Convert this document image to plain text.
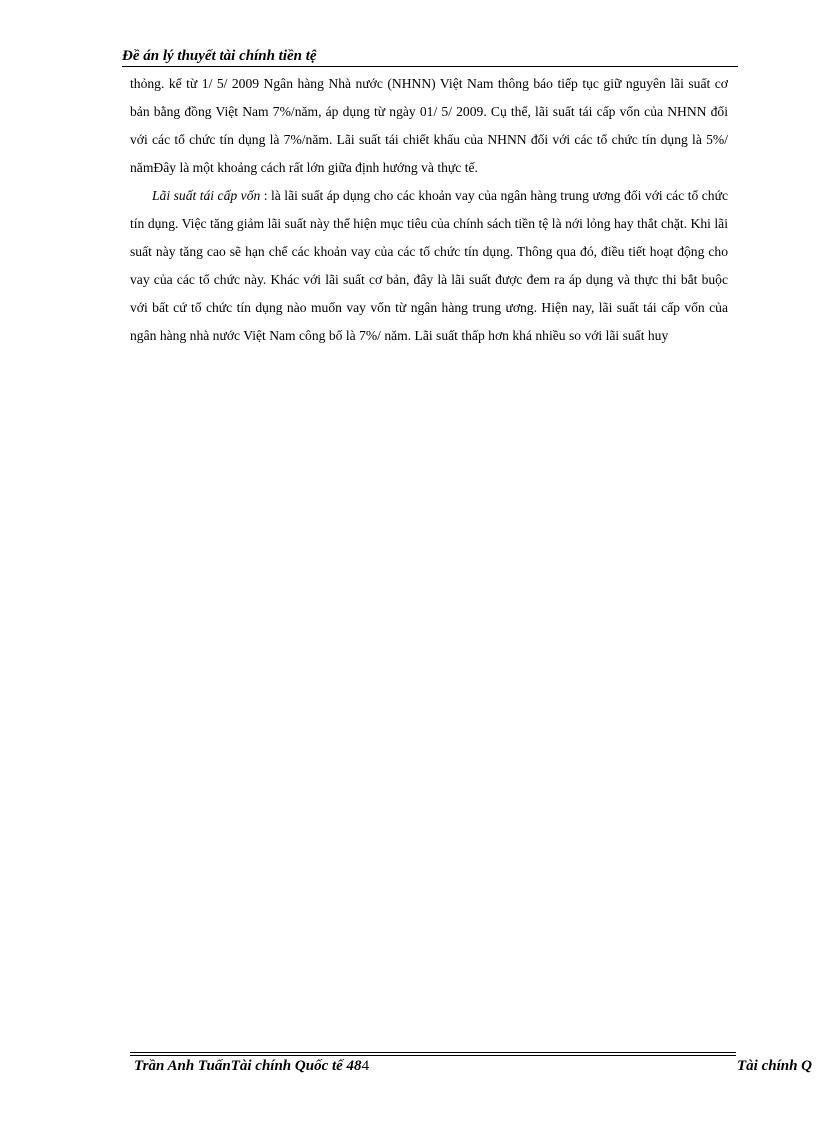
Đề án lý thuyết tài chính tiền tệ

thỏng. kể từ 1/ 5/ 2009 Ngân hàng Nhà nước (NHNN) Việt Nam thông báo tiếp tục giữ nguyên lãi suất cơ bản bằng đồng Việt Nam 7%/năm, áp dụng từ ngày 01/ 5/ 2009. Cụ thể, lãi suất tái cấp vốn của NHNN đối với các tổ chức tín dụng là 7%/năm. Lãi suất tái chiết khấu của NHNN đối với các tổ chức tín dụng là 5%/ nămĐây là một khoảng cách rất lớn giữa định hướng và thực tế.

Lãi suất tái cấp vốn : là lãi suất áp dụng cho các khoản vay của ngân hàng trung ương đối với các tổ chức tín dụng. Việc tăng giảm lãi suất này thể hiện mục tiêu của chính sách tiền tệ là nới lỏng hay thắt chặt. Khi lãi suất này tăng cao sẽ hạn chế các khoản vay của các tổ chức tín dụng. Thông qua đó, điều tiết hoạt động cho vay của các tổ chức này. Khác với lãi suất cơ bản, đây là lãi suất được đem ra áp dụng và thực thi bắt buộc với bất cứ tổ chức tín dụng nào muốn vay vốn từ ngân hàng trung ương. Hiện nay, lãi suất tái cấp vốn của ngân hàng nhà nước Việt Nam công bố là 7%/ năm. Lãi suất thấp hơn khá nhiều so với lãi suất huy

Trần Anh TuấnTài chính Quốc tế 484	Tài chính Q
